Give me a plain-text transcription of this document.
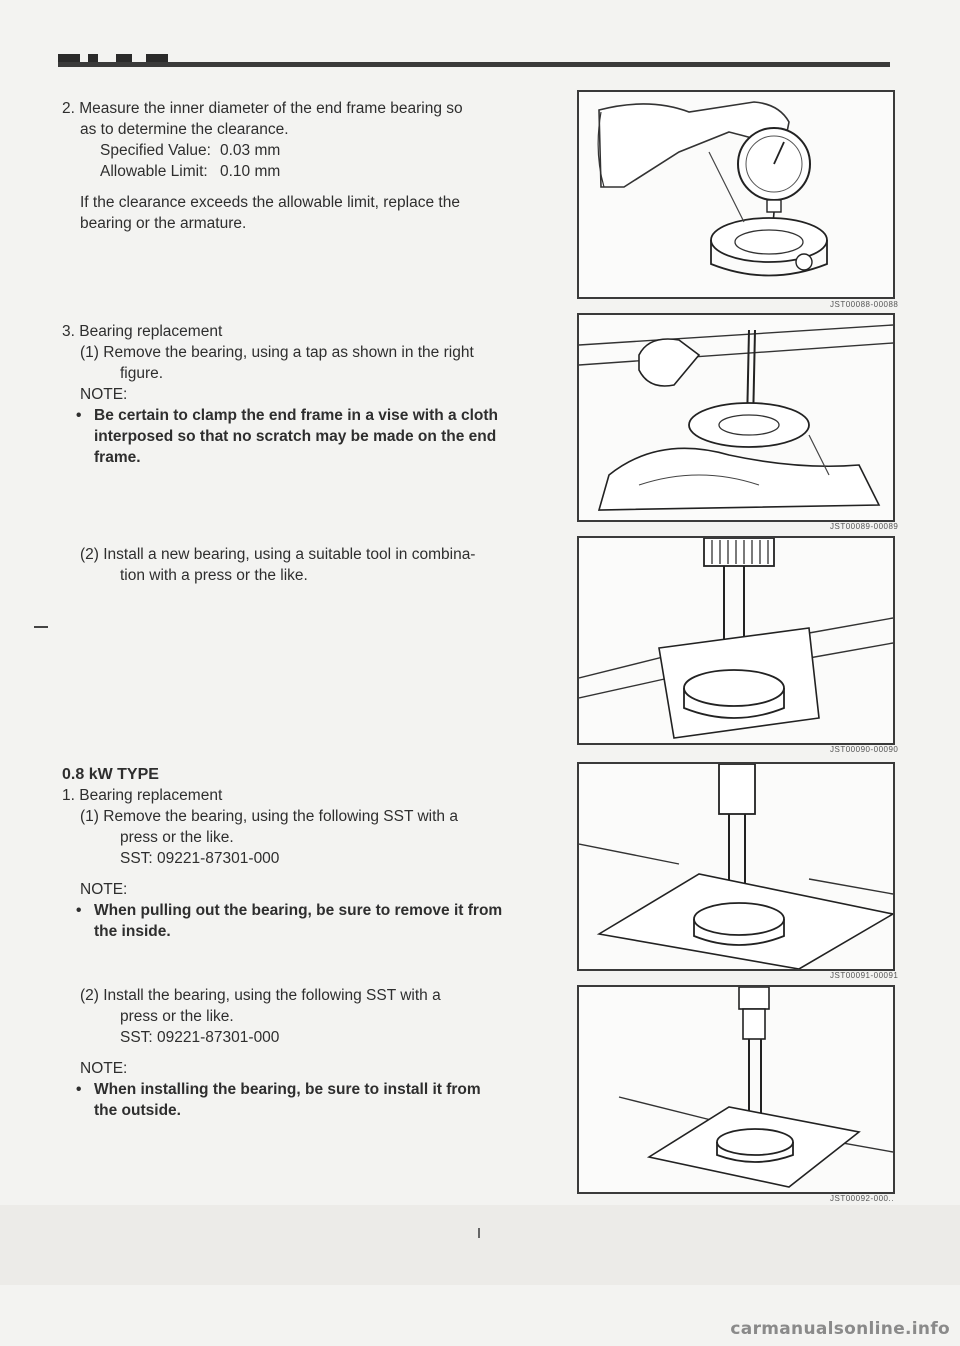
2. Measure the inner diameter of the end frame bearing so

as to determine the clearance.

Specified Value: 0.03 mm

Allowable Limit: 0.10 mm

If the clearance exceeds the allowable limit, replace the

bearing or the armature.

3. Bearing replacement

(1) Remove the bearing, using a tap as shown in the right

figure.

NOTE:

• Be certain to clamp the end frame in a vise with a cloth

interposed so that no scratch may be made on the end

frame.

(2) Install a new bearing, using a suitable tool in combina-

tion with a press or the like.

0.8 kW TYPE

1. Bearing replacement

(1) Remove the bearing, using the following SST with a

press or the like.

SST: 09221-87301-000

NOTE:

• When pulling out the bearing, be sure to remove it from

the inside.

(2) Install the bearing, using the following SST with a

press or the like.

SST: 09221-87301-000

NOTE:

• When installing the bearing, be sure to install it from

the outside.

JST00088-00088
JST00089-00089
JST00090-00090
JST00091-00091
JST00092-000..
carmanualsonline.info
